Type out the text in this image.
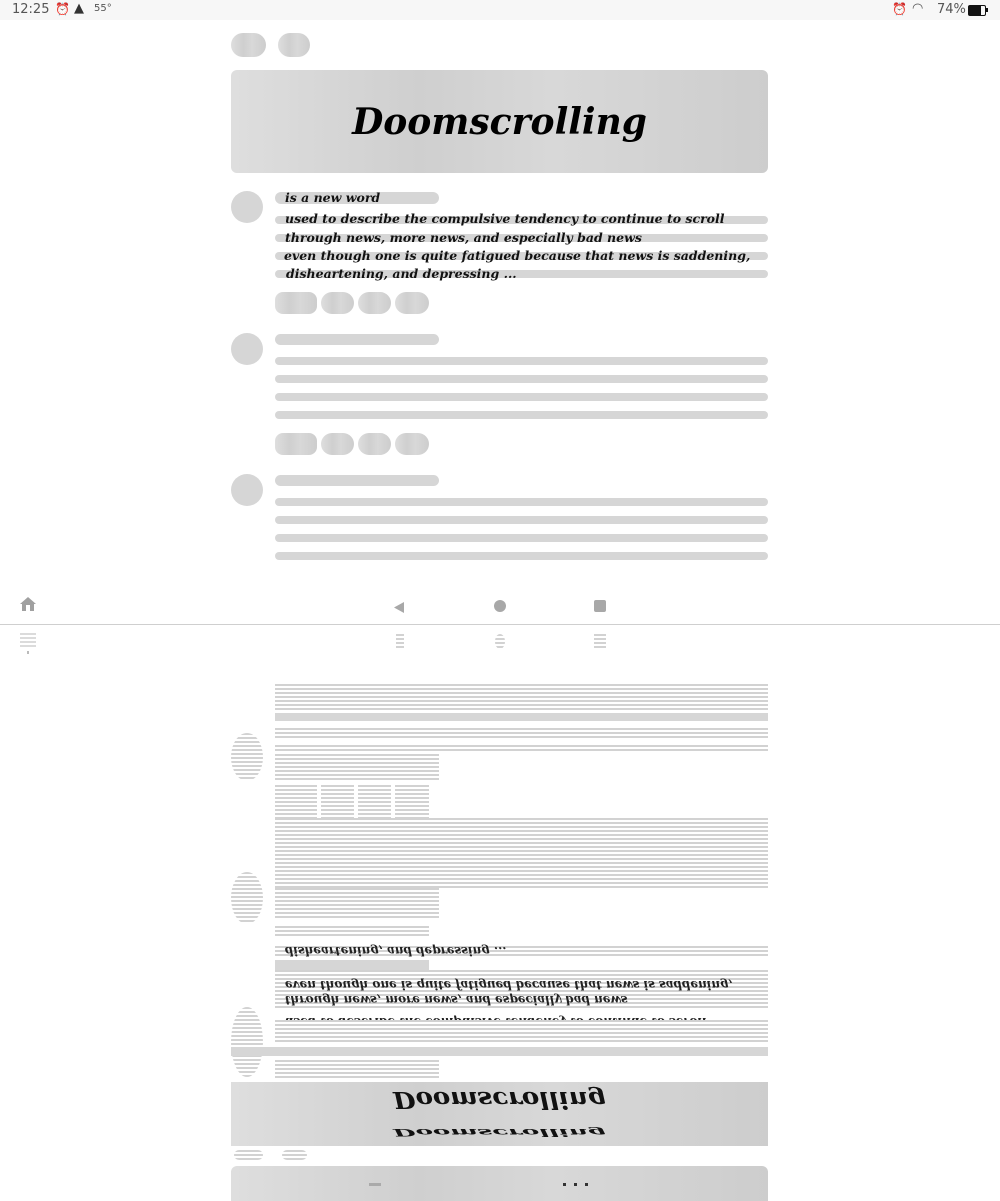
12:25 ⏰ ▲ 55°	⏰ ◠ 74%
Doomscrolling
is a new word
used to describe the compulsive tendency to continue to scroll
through news, more news, and especially bad news
even though one is quite fatigued because that news is saddening,
disheartening, and depressing ...
disheartening, and depressing ...
even though one is quite fatigued because that news is saddening,
through news, more news, and especially bad news
Doomscrolling
Doomscrolling
